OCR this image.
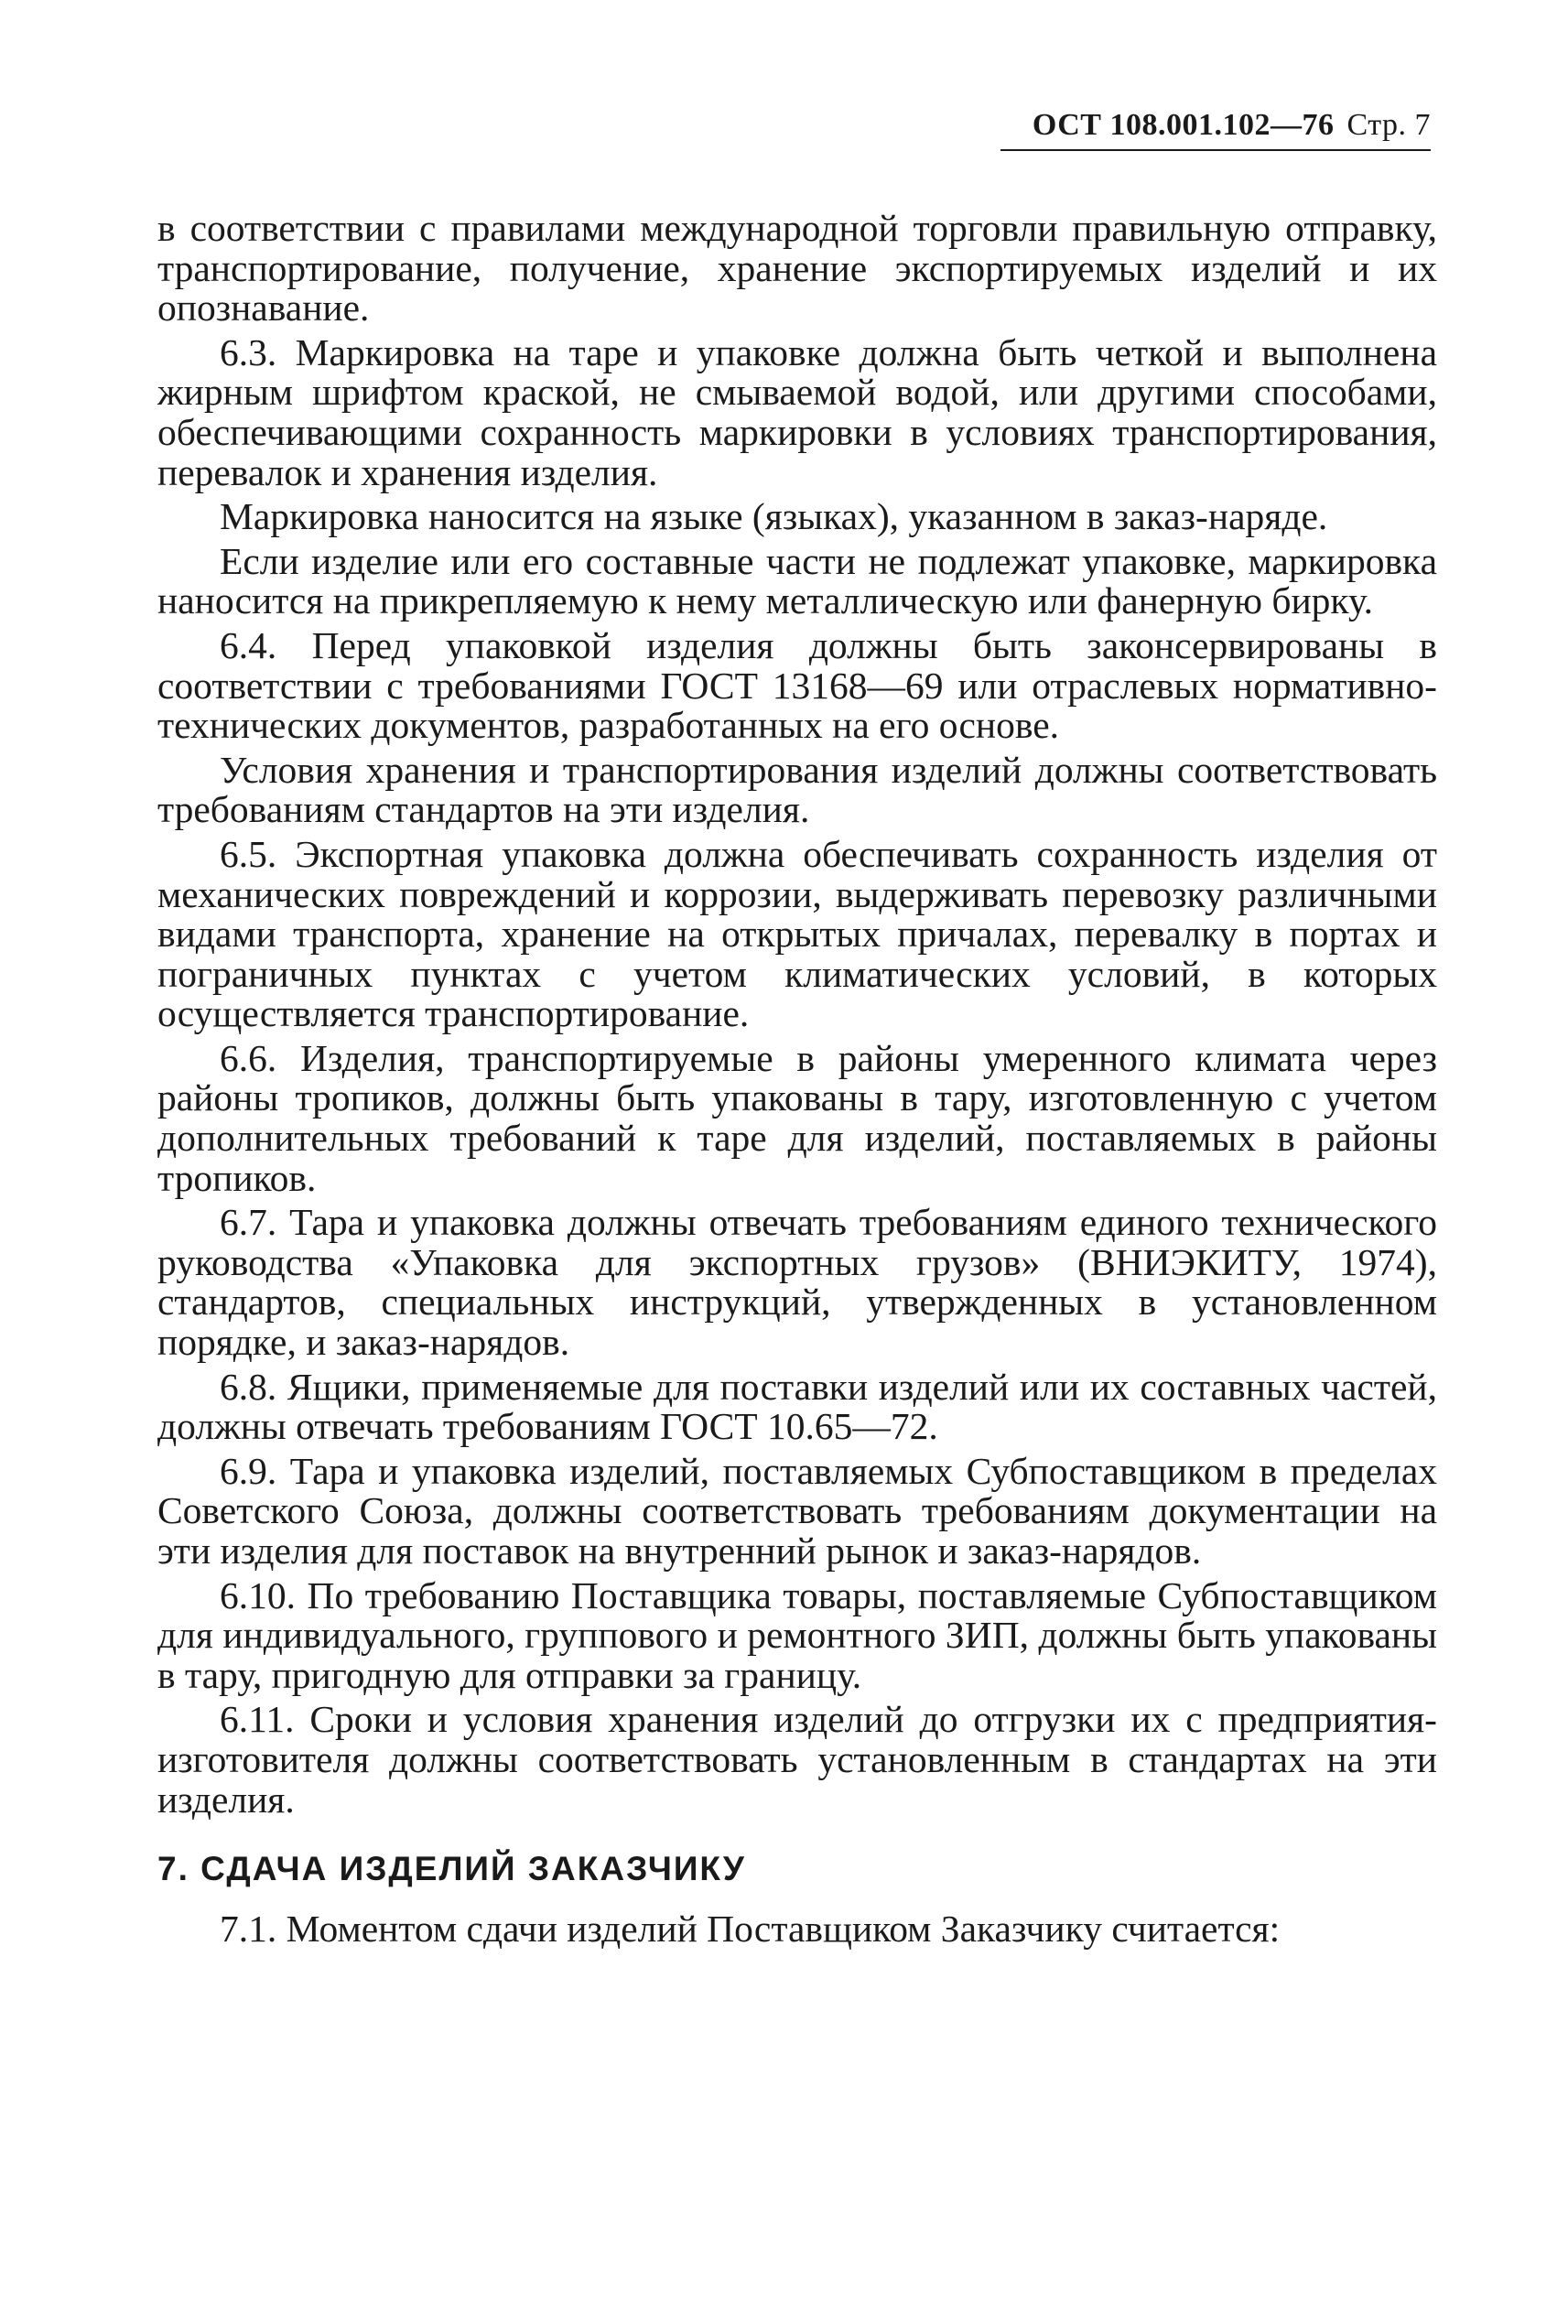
ОСТ 108.001.102—76 Стр. 7

в соответствии с правилами международной торговли правильную отправку, транспортирование, получение, хранение экспортируемых изделий и их опознавание.

6.3. Маркировка на таре и упаковке должна быть четкой и выполнена жирным шрифтом краской, не смываемой водой, или другими способами, обеспечивающими сохранность маркировки в условиях транспортирования, перевалок и хранения изделия.

Маркировка наносится на языке (языках), указанном в заказ-наряде.

Если изделие или его составные части не подлежат упаковке, маркировка наносится на прикрепляемую к нему металлическую или фанерную бирку.

6.4. Перед упаковкой изделия должны быть законсервированы в соответствии с требованиями ГОСТ 13168—69 или отраслевых нормативно-технических документов, разработанных на его основе.

Условия хранения и транспортирования изделий должны соответствовать требованиям стандартов на эти изделия.

6.5. Экспортная упаковка должна обеспечивать сохранность изделия от механических повреждений и коррозии, выдерживать перевозку различными видами транспорта, хранение на открытых причалах, перевалку в портах и пограничных пунктах с учетом климатических условий, в которых осуществляется транспортирование.

6.6. Изделия, транспортируемые в районы умеренного климата через районы тропиков, должны быть упакованы в тару, изготовленную с учетом дополнительных требований к таре для изделий, поставляемых в районы тропиков.

6.7. Тара и упаковка должны отвечать требованиям единого технического руководства «Упаковка для экспортных грузов» (ВНИЭКИТУ, 1974), стандартов, специальных инструкций, утвержденных в установленном порядке, и заказ-нарядов.

6.8. Ящики, применяемые для поставки изделий или их составных частей, должны отвечать требованиям ГОСТ 10.65—72.

6.9. Тара и упаковка изделий, поставляемых Субпоставщиком в пределах Советского Союза, должны соответствовать требованиям документации на эти изделия для поставок на внутренний рынок и заказ-нарядов.

6.10. По требованию Поставщика товары, поставляемые Субпоставщиком для индивидуального, группового и ремонтного ЗИП, должны быть упакованы в тару, пригодную для отправки за границу.

6.11. Сроки и условия хранения изделий до отгрузки их с предприятия-изготовителя должны соответствовать установленным в стандартах на эти изделия.

7. СДАЧА ИЗДЕЛИЙ ЗАКАЗЧИКУ

7.1. Моментом сдачи изделий Поставщиком Заказчику считается:
